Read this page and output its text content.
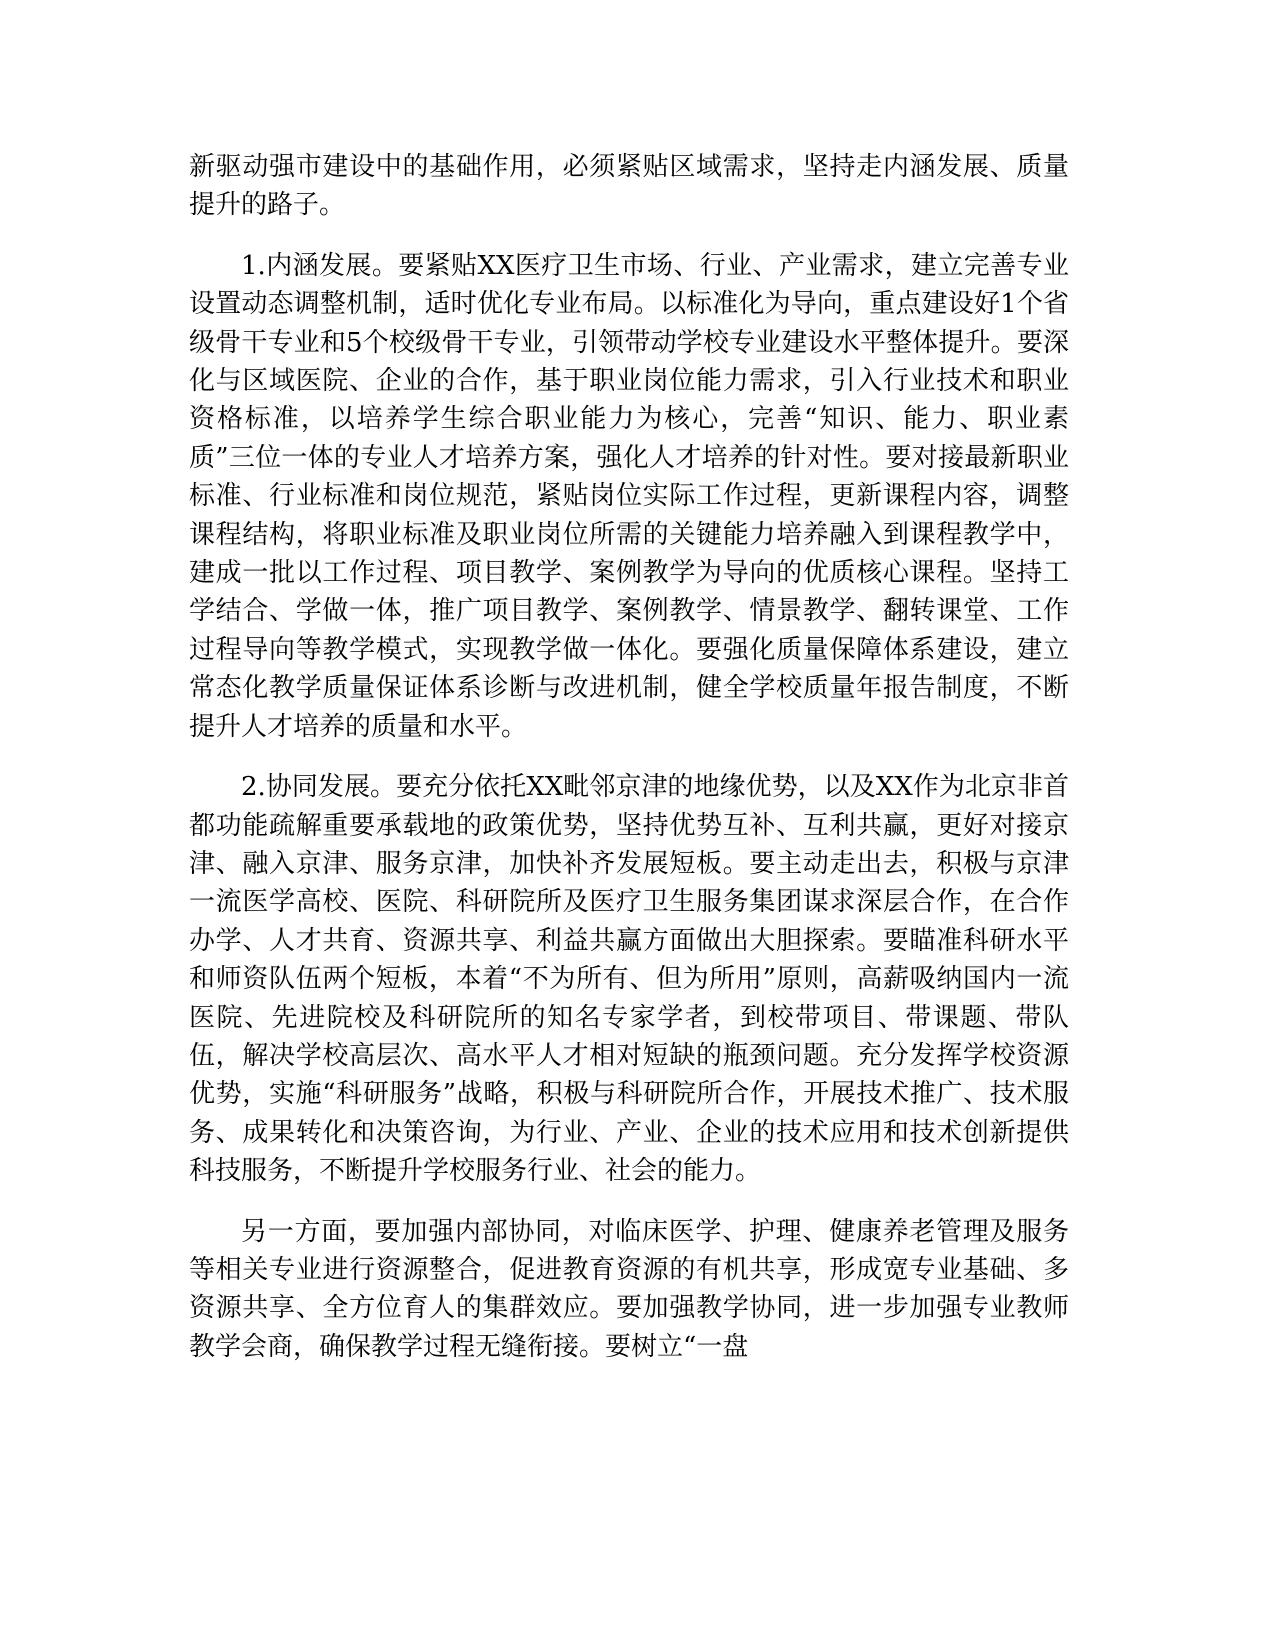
新驱动强市建设中的基础作用，必须紧贴区域需求，坚持走内涵发展、质量提升的路子。

1.内涵发展。要紧贴XX医疗卫生市场、行业、产业需求，建立完善专业设置动态调整机制，适时优化专业布局。以标准化为导向，重点建设好1个省级骨干专业和5个校级骨干专业，引领带动学校专业建设水平整体提升。要深化与区域医院、企业的合作，基于职业岗位能力需求，引入行业技术和职业资格标准，以培养学生综合职业能力为核心，完善“知识、能力、职业素质”三位一体的专业人才培养方案，强化人才培养的针对性。要对接最新职业标准、行业标准和岗位规范，紧贴岗位实际工作过程，更新课程内容，调整课程结构，将职业标准及职业岗位所需的关键能力培养融入到课程教学中，建成一批以工作过程、项目教学、案例教学为导向的优质核心课程。坚持工学结合、学做一体，推广项目教学、案例教学、情景教学、翻转课堂、工作过程导向等教学模式，实现教学做一体化。要强化质量保障体系建设，建立常态化教学质量保证体系诊断与改进机制，健全学校质量年报告制度，不断提升人才培养的质量和水平。

2.协同发展。要充分依托XX毗邻京津的地缘优势，以及XX作为北京非首都功能疏解重要承载地的政策优势，坚持优势互补、互利共赢，更好对接京津、融入京津、服务京津，加快补齐发展短板。要主动走出去，积极与京津一流医学高校、医院、科研院所及医疗卫生服务集团谋求深层合作，在合作办学、人才共育、资源共享、利益共赢方面做出大胆探索。要瞄准科研水平和师资队伍两个短板，本着“不为所有、但为所用”原则，高薪吸纳国内一流医院、先进院校及科研院所的知名专家学者，到校带项目、带课题、带队伍，解决学校高层次、高水平人才相对短缺的瓶颈问题。充分发挥学校资源优势，实施“科研服务”战略，积极与科研院所合作，开展技术推广、技术服务、成果转化和决策咨询，为行业、产业、企业的技术应用和技术创新提供科技服务，不断提升学校服务行业、社会的能力。

另一方面，要加强内部协同，对临床医学、护理、健康养老管理及服务等相关专业进行资源整合，促进教育资源的有机共享，形成宽专业基础、多资源共享、全方位育人的集群效应。要加强教学协同，进一步加强专业教师教学会商，确保教学过程无缝衔接。要树立“一盘
